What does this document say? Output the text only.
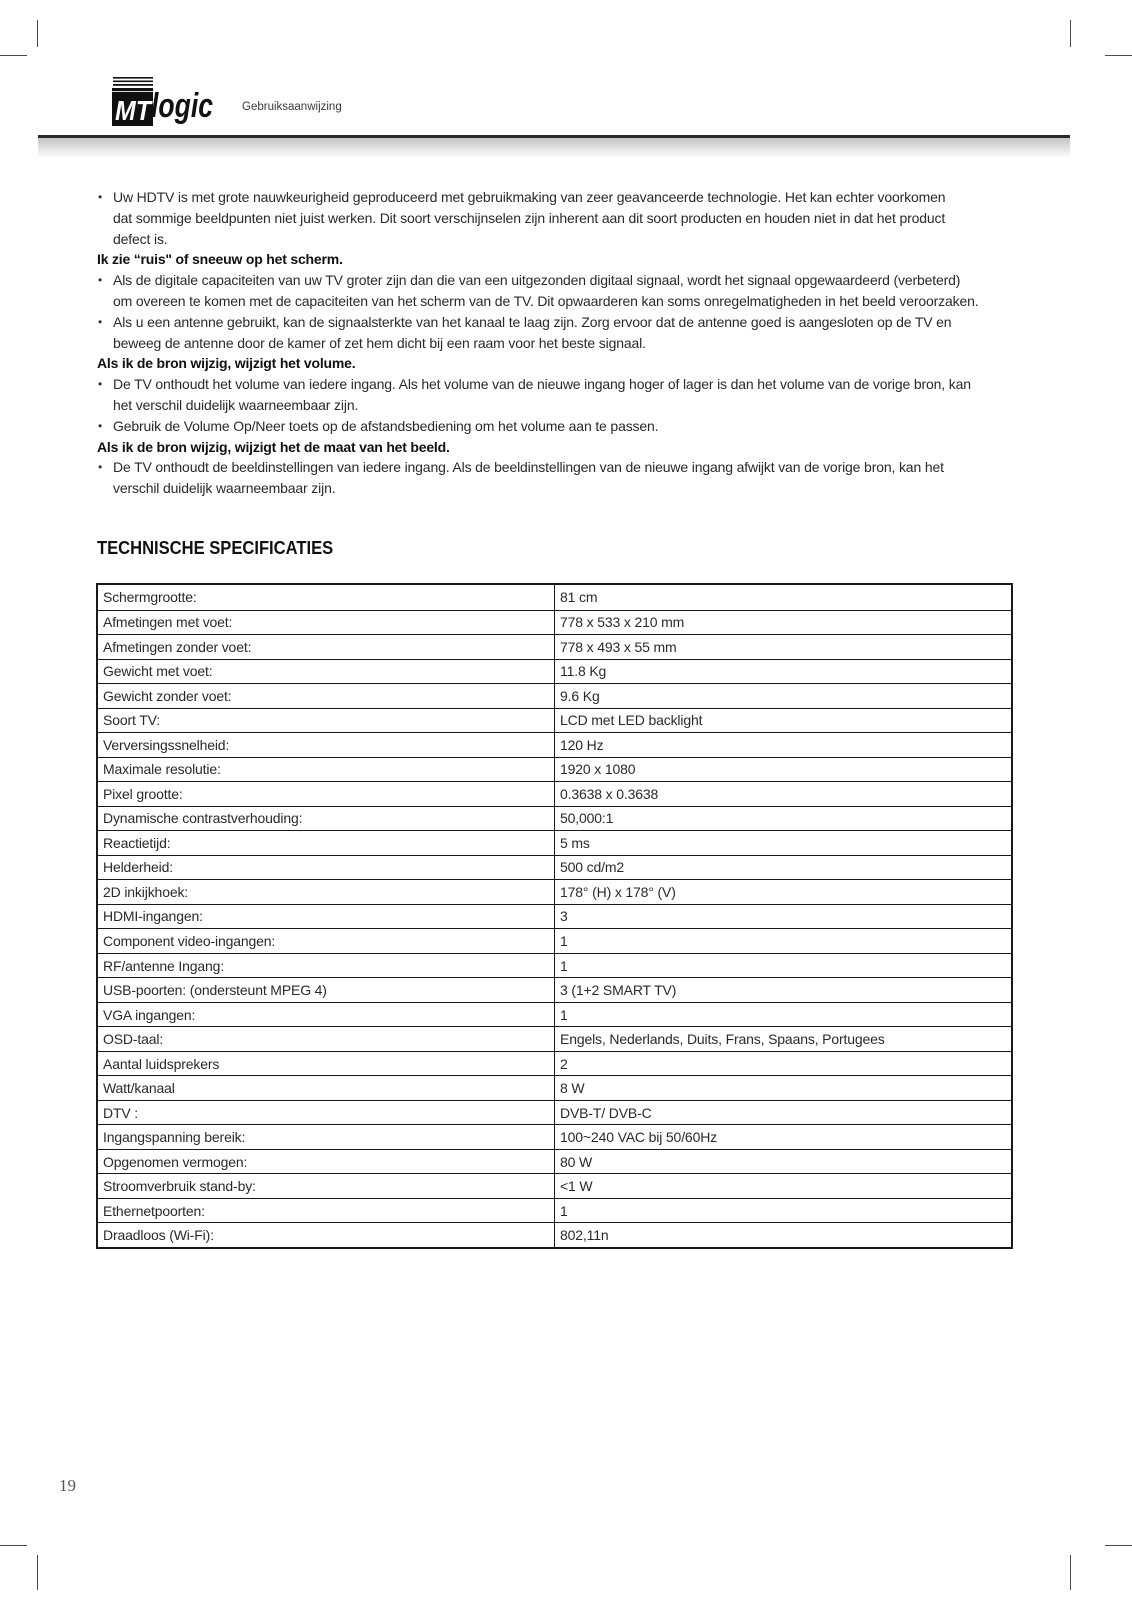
MT
logic	Gebruiksaanwijzing
• Uw HDTV is met grote nauwkeurigheid geproduceerd met gebruikmaking van zeer geavanceerde technologie. Het kan echter voorkomen
dat sommige beeldpunten niet juist werken. Dit soort verschijnselen zijn inherent aan dit soort producten en houden niet in dat het product
defect is.
Ik zie “ruis" of sneeuw op het scherm.
• Als de digitale capaciteiten van uw TV groter zijn dan die van een uitgezonden digitaal signaal, wordt het signaal opgewaardeerd (verbeterd)
om overeen te komen met de capaciteiten van het scherm van de TV. Dit opwaarderen kan soms onregelmatigheden in het beeld veroorzaken.
• Als u een antenne gebruikt, kan de signaalsterkte van het kanaal te laag zijn. Zorg ervoor dat de antenne goed is aangesloten op de TV en
beweeg de antenne door de kamer of zet hem dicht bij een raam voor het beste signaal.
Als ik de bron wijzig, wijzigt het volume.
• De TV onthoudt het volume van iedere ingang. Als het volume van de nieuwe ingang hoger of lager is dan het volume van de vorige bron, kan
het verschil duidelijk waarneembaar zijn.
• Gebruik de Volume Op/Neer toets op de afstandsbediening om het volume aan te passen.
Als ik de bron wijzig, wijzigt het de maat van het beeld.
• De TV onthoudt de beeldinstellingen van iedere ingang. Als de beeldinstellingen van de nieuwe ingang afwijkt van de vorige bron, kan het
verschil duidelijk waarneembaar zijn.
TECHNISCHE SPECIFICATIES
Schermgrootte:	81 cm
Afmetingen met voet:	778 x 533 x 210 mm
Afmetingen zonder voet:	778 x 493 x 55 mm
Gewicht met voet:	11.8 Kg
Gewicht zonder voet:	9.6 Kg
Soort TV:	LCD met LED backlight
Verversingssnelheid:	120 Hz
Maximale resolutie:	1920 x 1080
Pixel grootte:	0.3638 x 0.3638
Dynamische contrastverhouding:	50,000:1
Reactietijd:	5 ms
Helderheid:	500 cd/m2
2D inkijkhoek:	178° (H) x 178° (V)
HDMI-ingangen:	3
Component video-ingangen:	1
RF/antenne Ingang:	1
USB-poorten: (ondersteunt MPEG 4)	3 (1+2 SMART TV)
VGA ingangen:	1
OSD-taal:	Engels, Nederlands, Duits, Frans, Spaans, Portugees
Aantal luidsprekers	2
Watt/kanaal	8 W
DTV :	DVB-T/ DVB-C
Ingangspanning bereik:	100~240 VAC bij 50/60Hz
Opgenomen vermogen:	80 W
Stroomverbruik stand-by:	<1 W
Ethernetpoorten:	1
Draadloos (Wi-Fi):	802,11n
19
